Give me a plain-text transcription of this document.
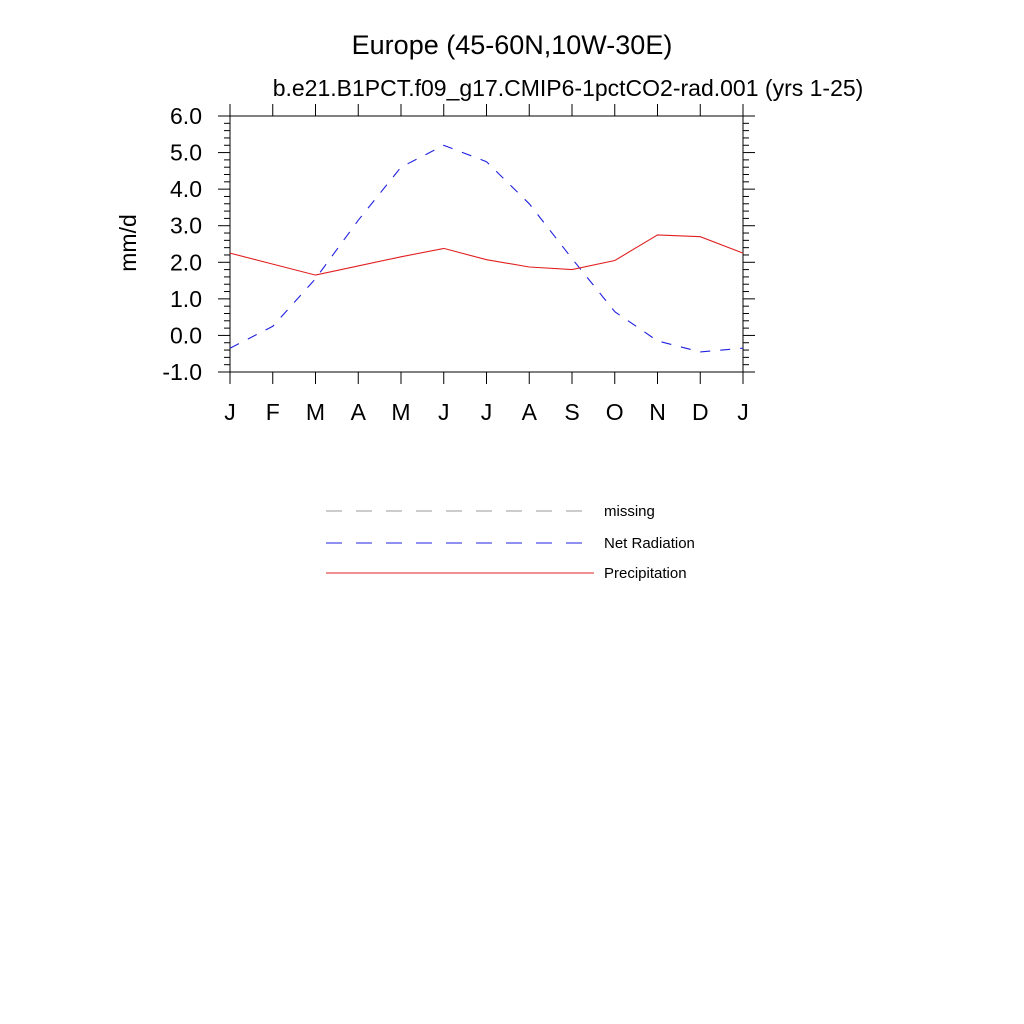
Europe (45-60N,10W-30E)
b.e21.B1PCT.f09_g17.CMIP6-1pctCO2-rad.001 (yrs 1-25)
mm/d
-1.0
0.0
1.0
2.0
3.0
4.0
5.0
6.0
J F M A M J J A S O N D J
missing
Net Radiation
Precipitation
